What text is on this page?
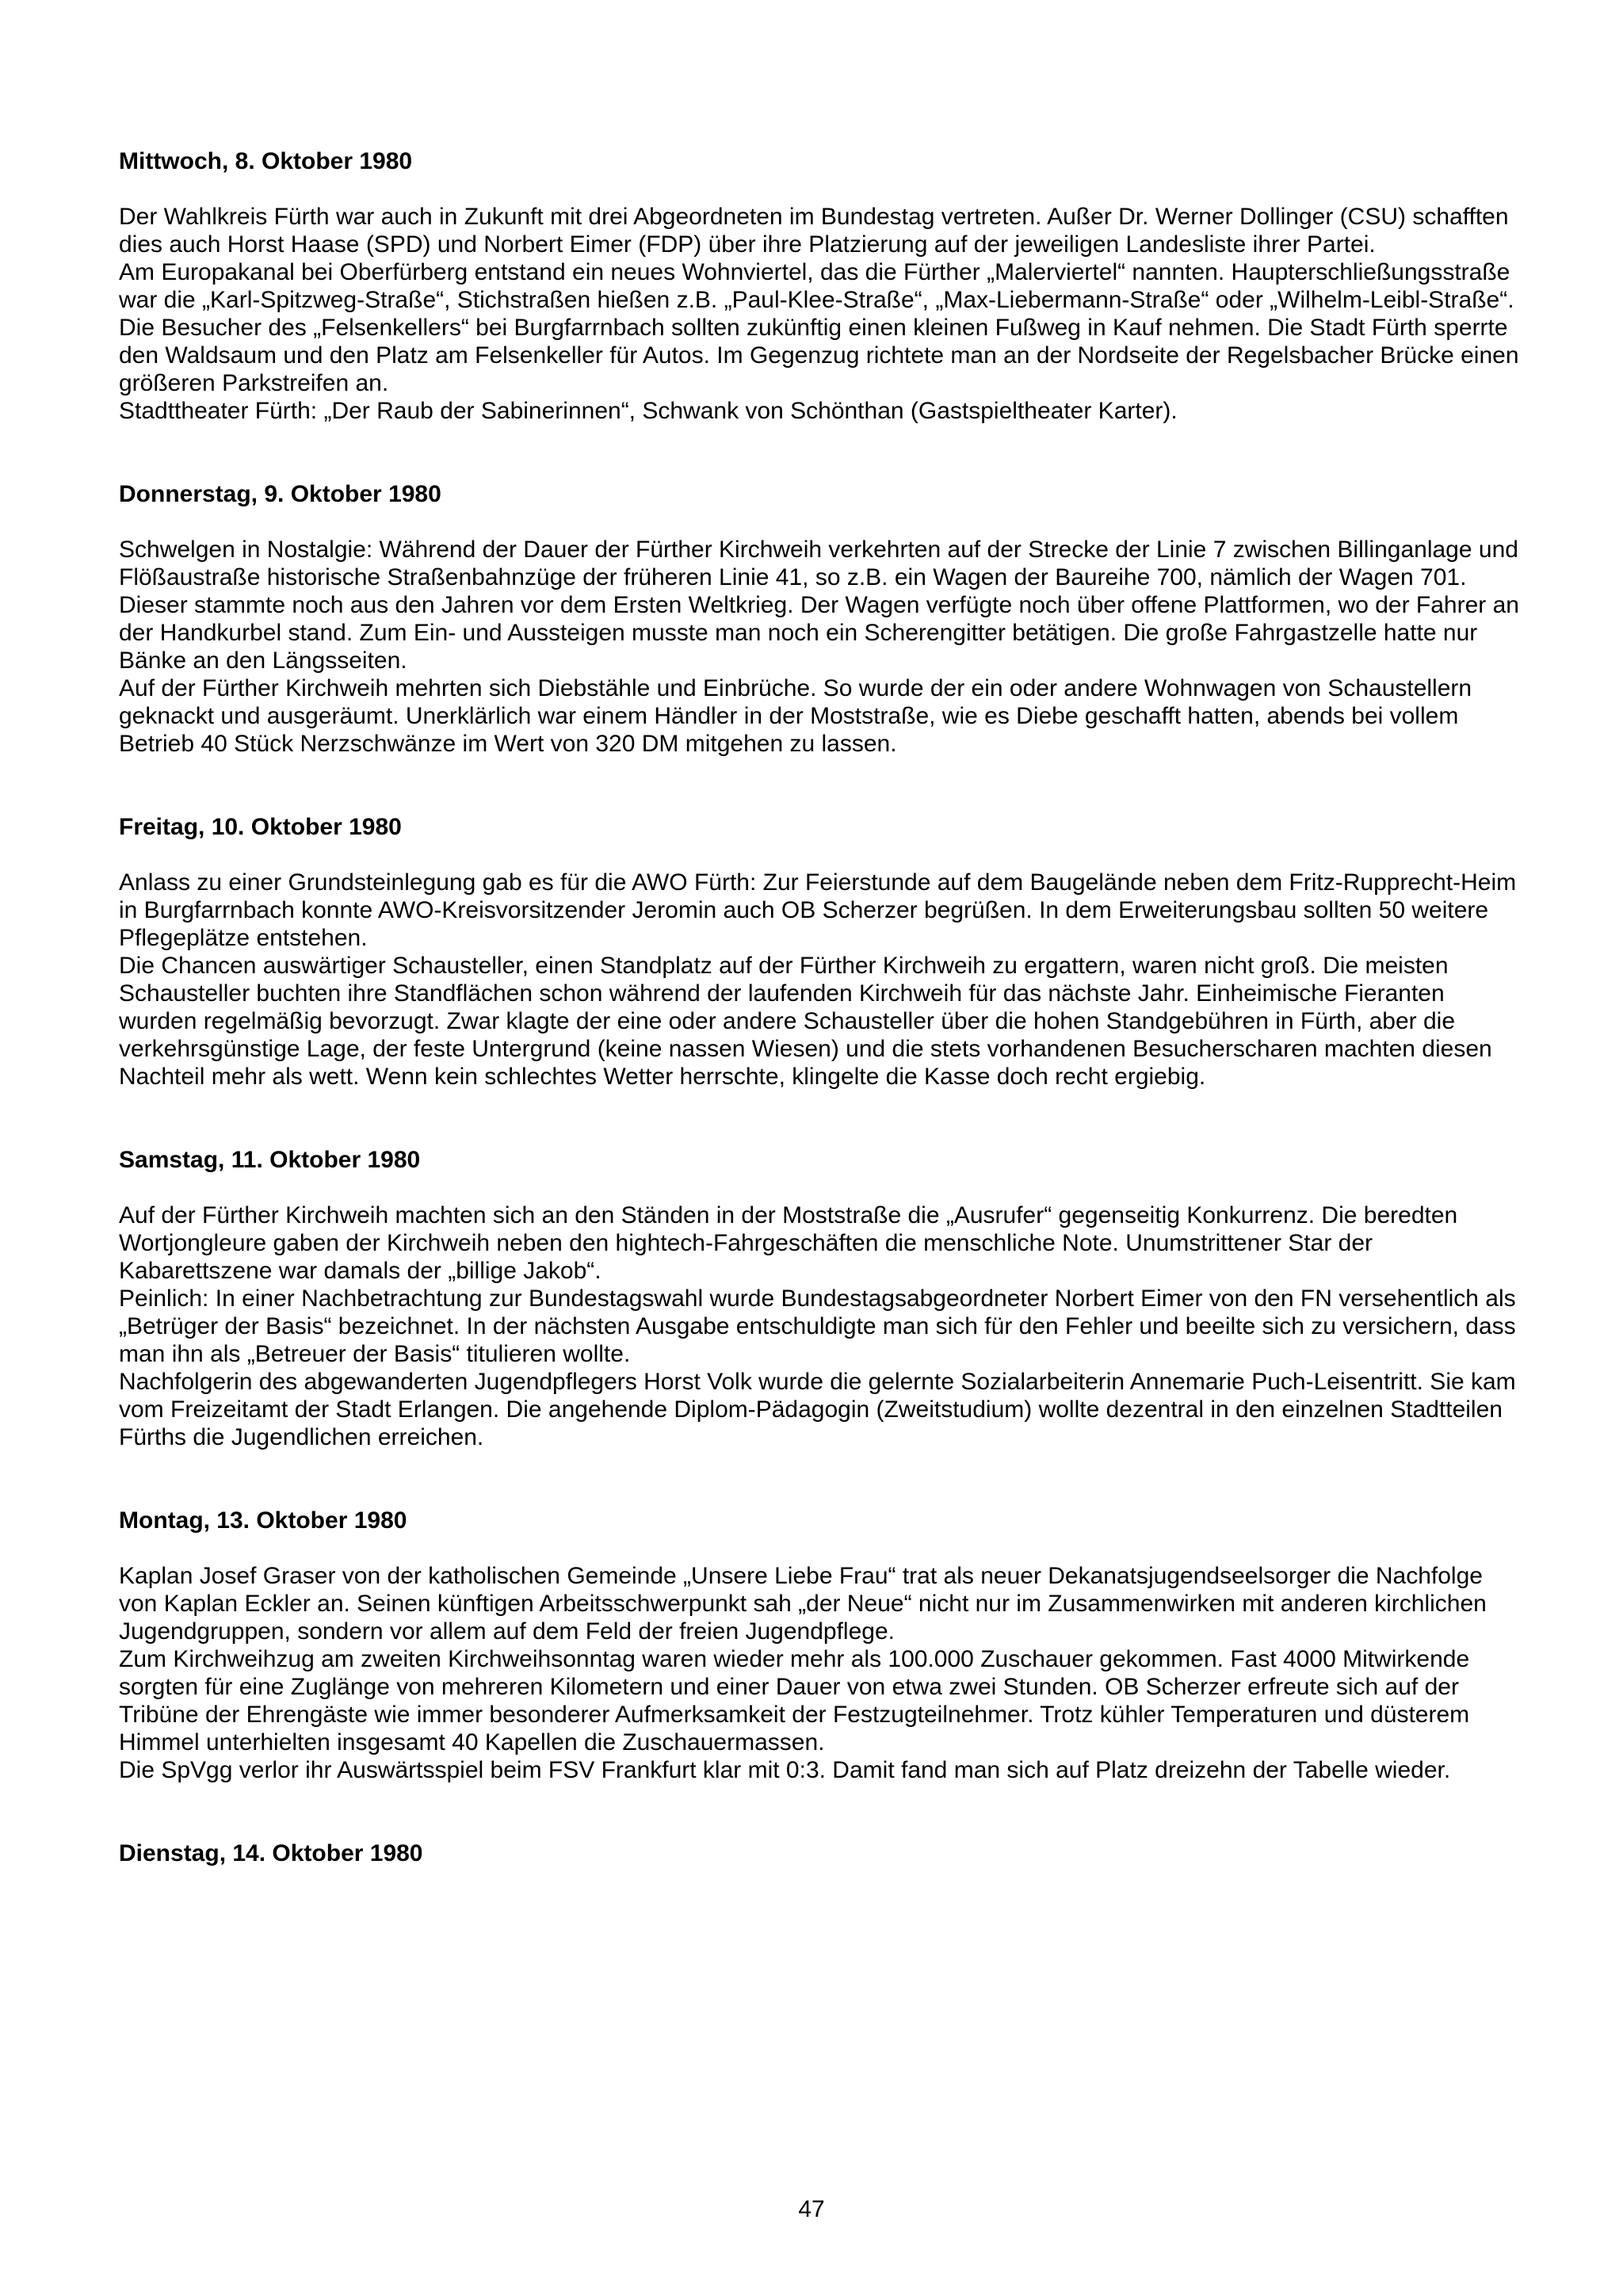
Mittwoch, 8. Oktober 1980

Der Wahlkreis Fürth war auch in Zukunft mit drei Abgeordneten im Bundestag vertreten. Außer Dr. Werner Dollinger (CSU) schafften dies auch Horst Haase (SPD) und Norbert Eimer (FDP) über ihre Platzierung auf der jeweiligen Landesliste ihrer Partei.

Am Europakanal bei Oberfürberg entstand ein neues Wohnviertel, das die Fürther „Malerviertel“ nannten. Haupterschließungsstraße war die „Karl-Spitzweg-Straße“, Stichstraßen hießen z.B. „Paul-Klee-Straße“, „Max-Liebermann-Straße“ oder „Wilhelm-Leibl-Straße“.

Die Besucher des „Felsenkellers“ bei Burgfarrnbach sollten zukünftig einen kleinen Fußweg in Kauf nehmen. Die Stadt Fürth sperrte den Waldsaum und den Platz am Felsenkeller für Autos. Im Gegenzug richtete man an der Nordseite der Regelsbacher Brücke einen größeren Parkstreifen an.

Stadttheater Fürth: „Der Raub der Sabinerinnen“, Schwank von Schönthan (Gastspieltheater Karter).

Donnerstag, 9. Oktober 1980

Schwelgen in Nostalgie: Während der Dauer der Fürther Kirchweih verkehrten auf der Strecke der Linie 7 zwischen Billinganlage und Flößaustraße historische Straßenbahnzüge der früheren Linie 41, so z.B. ein Wagen der Baureihe 700, nämlich der Wagen 701. Dieser stammte noch aus den Jahren vor dem Ersten Weltkrieg. Der Wagen verfügte noch über offene Plattformen, wo der Fahrer an der Handkurbel stand. Zum Ein- und Aussteigen musste man noch ein Scherengitter betätigen. Die große Fahrgastzelle hatte nur Bänke an den Längsseiten.

Auf der Fürther Kirchweih mehrten sich Diebstähle und Einbrüche. So wurde der ein oder andere Wohnwagen von Schaustellern geknackt und ausgeräumt. Unerklärlich war einem Händler in der Moststraße, wie es Diebe geschafft hatten, abends bei vollem Betrieb 40 Stück Nerzschwänze im Wert von 320 DM mitgehen zu lassen.

Freitag, 10. Oktober 1980

Anlass zu einer Grundsteinlegung gab es für die AWO Fürth: Zur Feierstunde auf dem Baugelände neben dem Fritz-Rupprecht-Heim in Burgfarrnbach konnte AWO-Kreisvorsitzender Jeromin auch OB Scherzer begrüßen. In dem Erweiterungsbau sollten 50 weitere Pflegeplätze entstehen.

Die Chancen auswärtiger Schausteller, einen Standplatz auf der Fürther Kirchweih zu ergattern, waren nicht groß. Die meisten Schausteller buchten ihre Standflächen schon während der laufenden Kirchweih für das nächste Jahr. Einheimische Fieranten wurden regelmäßig bevorzugt. Zwar klagte der eine oder andere Schausteller über die hohen Standgebühren in Fürth, aber die verkehrsgünstige Lage, der feste Untergrund (keine nassen Wiesen) und die stets vorhandenen Besucherscharen machten diesen Nachteil mehr als wett. Wenn kein schlechtes Wetter herrschte, klingelte die Kasse doch recht ergiebig.

Samstag, 11. Oktober 1980

Auf der Fürther Kirchweih machten sich an den Ständen in der Moststraße die „Ausrufer“ gegenseitig Konkurrenz. Die beredten Wortjongleure gaben der Kirchweih neben den hightech-Fahrgeschäften die menschliche Note. Unumstrittener Star der Kabarettszene war damals der „billige Jakob“.

Peinlich: In einer Nachbetrachtung zur Bundestagswahl wurde Bundestagsabgeordneter Norbert Eimer von den FN versehentlich als „Betrüger der Basis“ bezeichnet. In der nächsten Ausgabe entschuldigte man sich für den Fehler und beeilte sich zu versichern, dass man ihn als „Betreuer der Basis“ titulieren wollte.

Nachfolgerin des abgewanderten Jugendpflegers Horst Volk wurde die gelernte Sozialarbeiterin Annemarie Puch-Leisentritt. Sie kam vom Freizeitamt der Stadt Erlangen. Die angehende Diplom-Pädagogin (Zweitstudium) wollte dezentral in den einzelnen Stadtteilen Fürths die Jugendlichen erreichen.

Montag, 13. Oktober 1980

Kaplan Josef Graser von der katholischen Gemeinde „Unsere Liebe Frau“ trat als neuer Dekanatsjugendseelsorger die Nachfolge von Kaplan Eckler an. Seinen künftigen Arbeitsschwerpunkt sah „der Neue“ nicht nur im Zusammenwirken mit anderen kirchlichen Jugendgruppen, sondern vor allem auf dem Feld der freien Jugendpflege.

Zum Kirchweihzug am zweiten Kirchweihsonntag waren wieder mehr als 100.000 Zuschauer gekommen. Fast 4000 Mitwirkende sorgten für eine Zuglänge von mehreren Kilometern und einer Dauer von etwa zwei Stunden. OB Scherzer erfreute sich auf der Tribüne der Ehrengäste wie immer besonderer Aufmerksamkeit der Festzugteilnehmer. Trotz kühler Temperaturen und düsterem Himmel unterhielten insgesamt 40 Kapellen die Zuschauermassen.

Die SpVgg verlor ihr Auswärtsspiel beim FSV Frankfurt klar mit 0:3. Damit fand man sich auf Platz dreizehn der Tabelle wieder.

Dienstag, 14. Oktober 1980
47
